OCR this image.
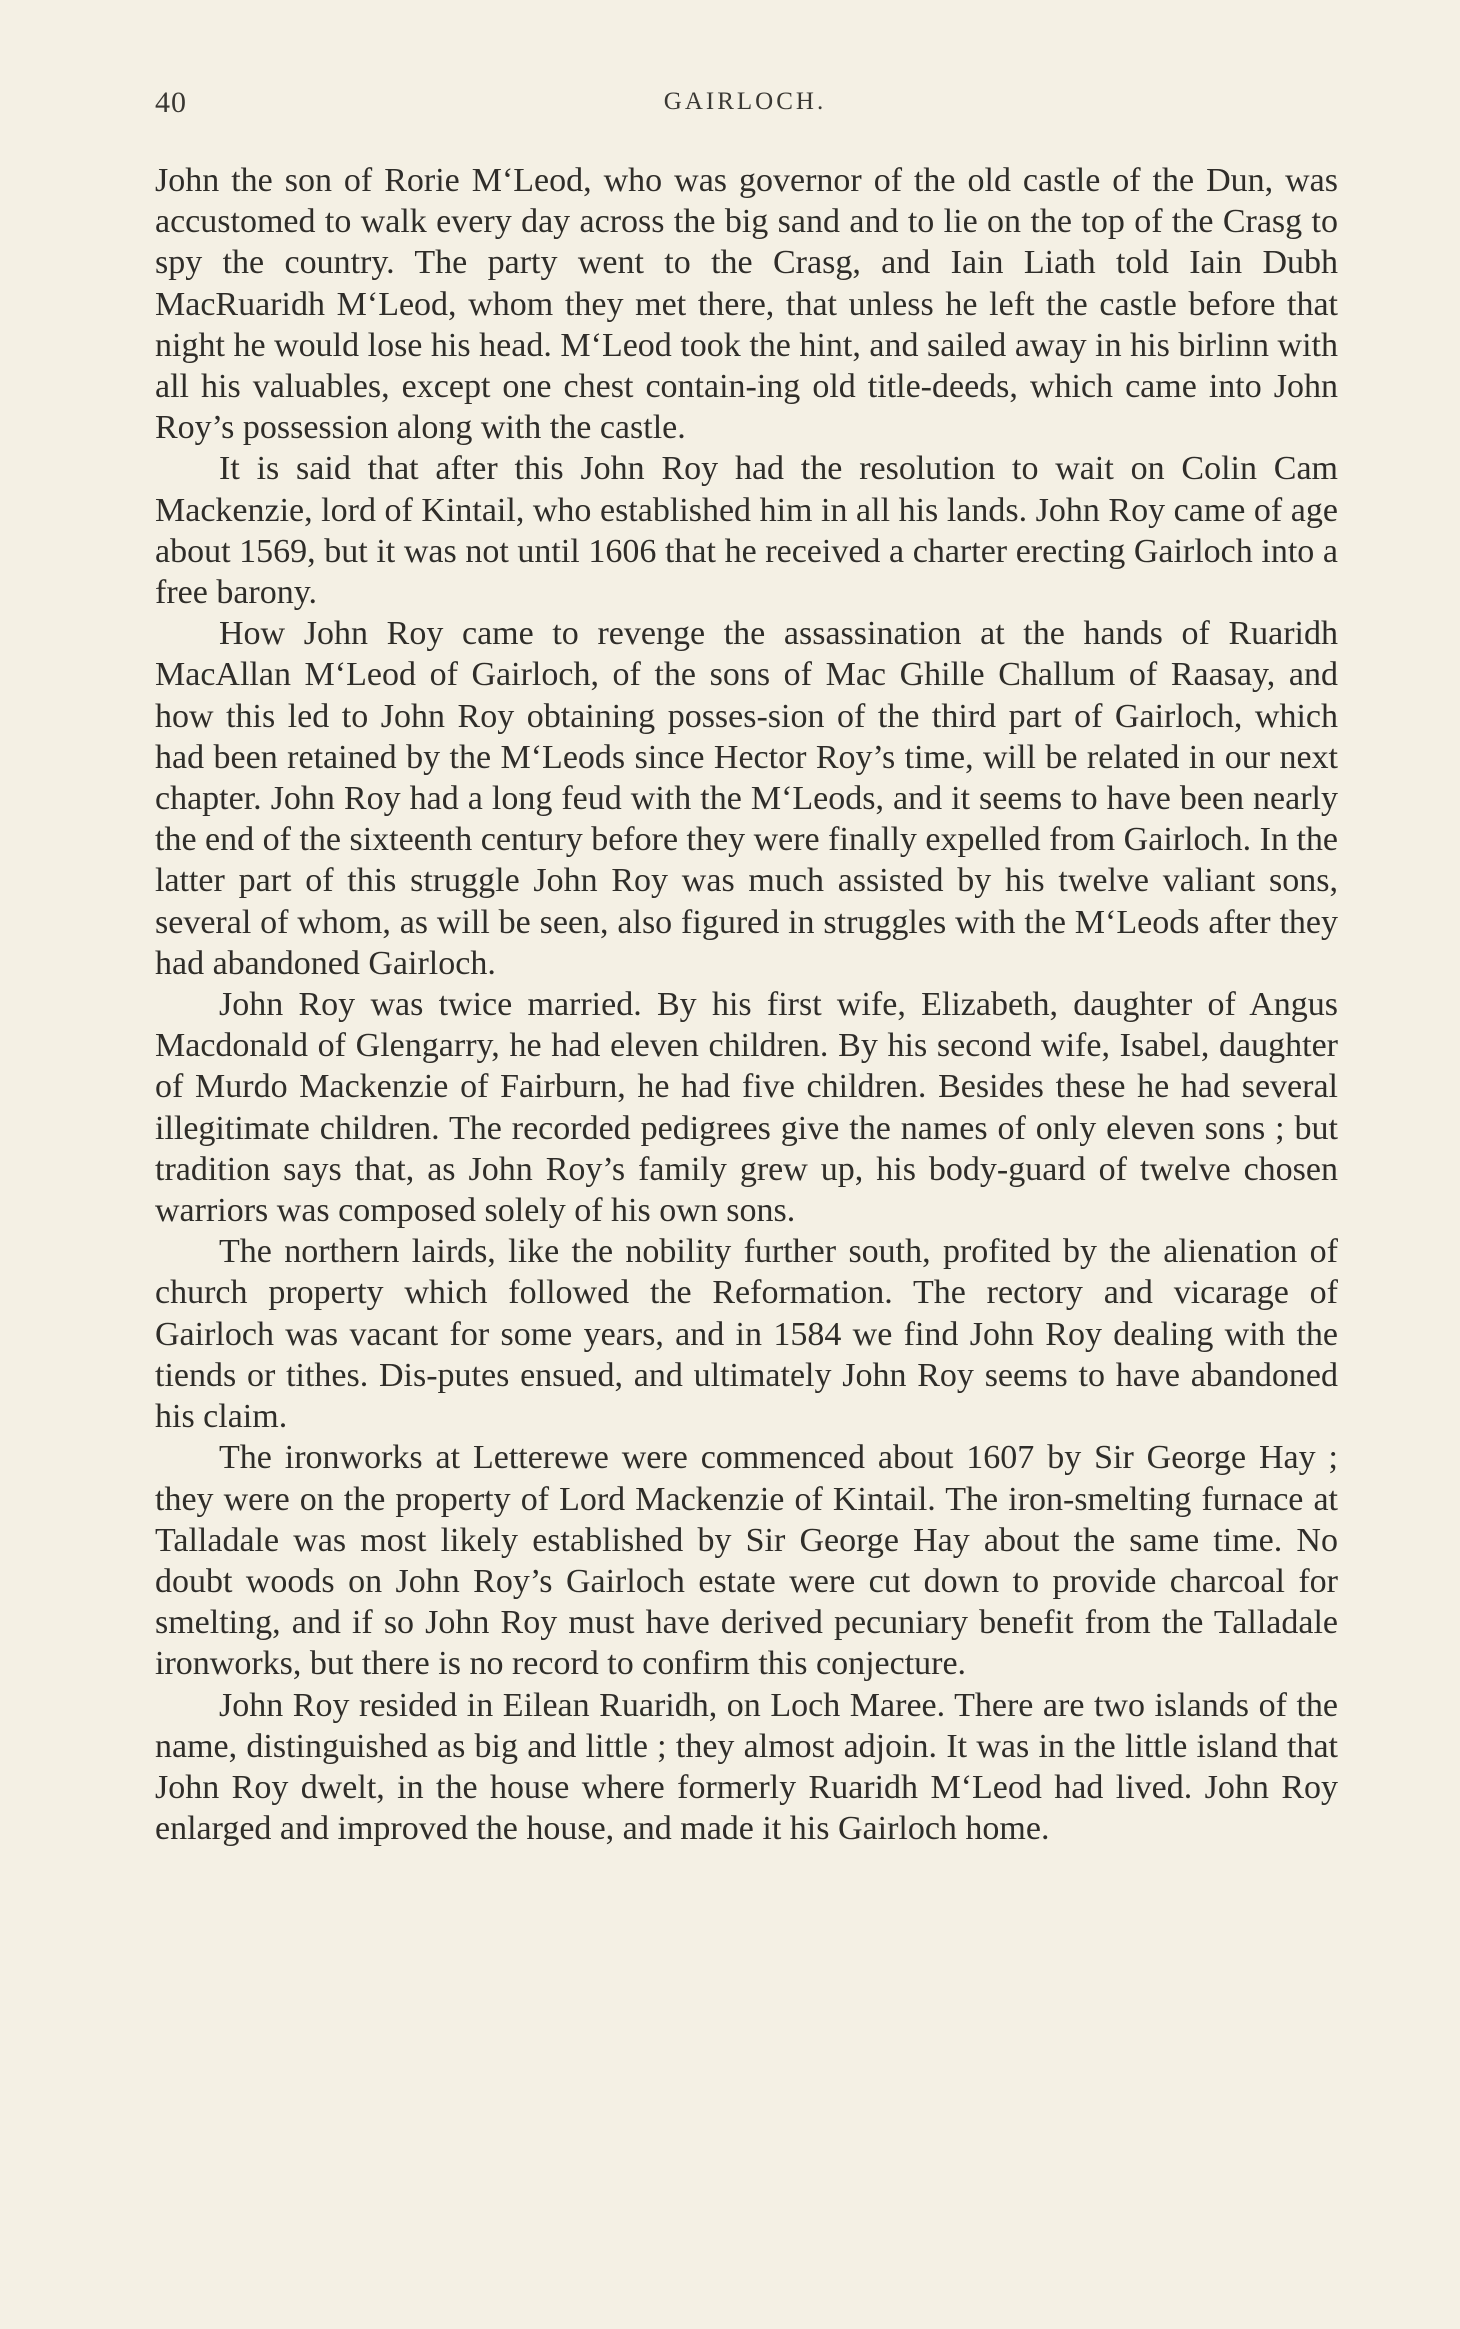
40	GAIRLOCH.

John the son of Rorie M‘Leod, who was governor of the old castle of the Dun, was accustomed to walk every day across the big sand and to lie on the top of the Crasg to spy the country. The party went to the Crasg, and Iain Liath told Iain Dubh MacRuaridh M‘Leod, whom they met there, that unless he left the castle before that night he would lose his head. M‘Leod took the hint, and sailed away in his birlinn with all his valuables, except one chest contain-ing old title-deeds, which came into John Roy’s possession along with the castle.

It is said that after this John Roy had the resolution to wait on Colin Cam Mackenzie, lord of Kintail, who established him in all his lands. John Roy came of age about 1569, but it was not until 1606 that he received a charter erecting Gairloch into a free barony.

How John Roy came to revenge the assassination at the hands of Ruaridh MacAllan M‘Leod of Gairloch, of the sons of Mac Ghille Challum of Raasay, and how this led to John Roy obtaining posses-sion of the third part of Gairloch, which had been retained by the M‘Leods since Hector Roy’s time, will be related in our next chapter. John Roy had a long feud with the M‘Leods, and it seems to have been nearly the end of the sixteenth century before they were finally expelled from Gairloch. In the latter part of this struggle John Roy was much assisted by his twelve valiant sons, several of whom, as will be seen, also figured in struggles with the M‘Leods after they had abandoned Gairloch.

John Roy was twice married. By his first wife, Elizabeth, daughter of Angus Macdonald of Glengarry, he had eleven children. By his second wife, Isabel, daughter of Murdo Mackenzie of Fairburn, he had five children. Besides these he had several illegitimate children. The recorded pedigrees give the names of only eleven sons ; but tradition says that, as John Roy’s family grew up, his body-guard of twelve chosen warriors was composed solely of his own sons.

The northern lairds, like the nobility further south, profited by the alienation of church property which followed the Reformation. The rectory and vicarage of Gairloch was vacant for some years, and in 1584 we find John Roy dealing with the tiends or tithes. Dis-putes ensued, and ultimately John Roy seems to have abandoned his claim.

The ironworks at Letterewe were commenced about 1607 by Sir George Hay ; they were on the property of Lord Mackenzie of Kintail. The iron-smelting furnace at Talladale was most likely established by Sir George Hay about the same time. No doubt woods on John Roy’s Gairloch estate were cut down to provide charcoal for smelting, and if so John Roy must have derived pecuniary benefit from the Talladale ironworks, but there is no record to confirm this conjecture.

John Roy resided in Eilean Ruaridh, on Loch Maree. There are two islands of the name, distinguished as big and little ; they almost adjoin. It was in the little island that John Roy dwelt, in the house where formerly Ruaridh M‘Leod had lived. John Roy enlarged and improved the house, and made it his Gairloch home.
